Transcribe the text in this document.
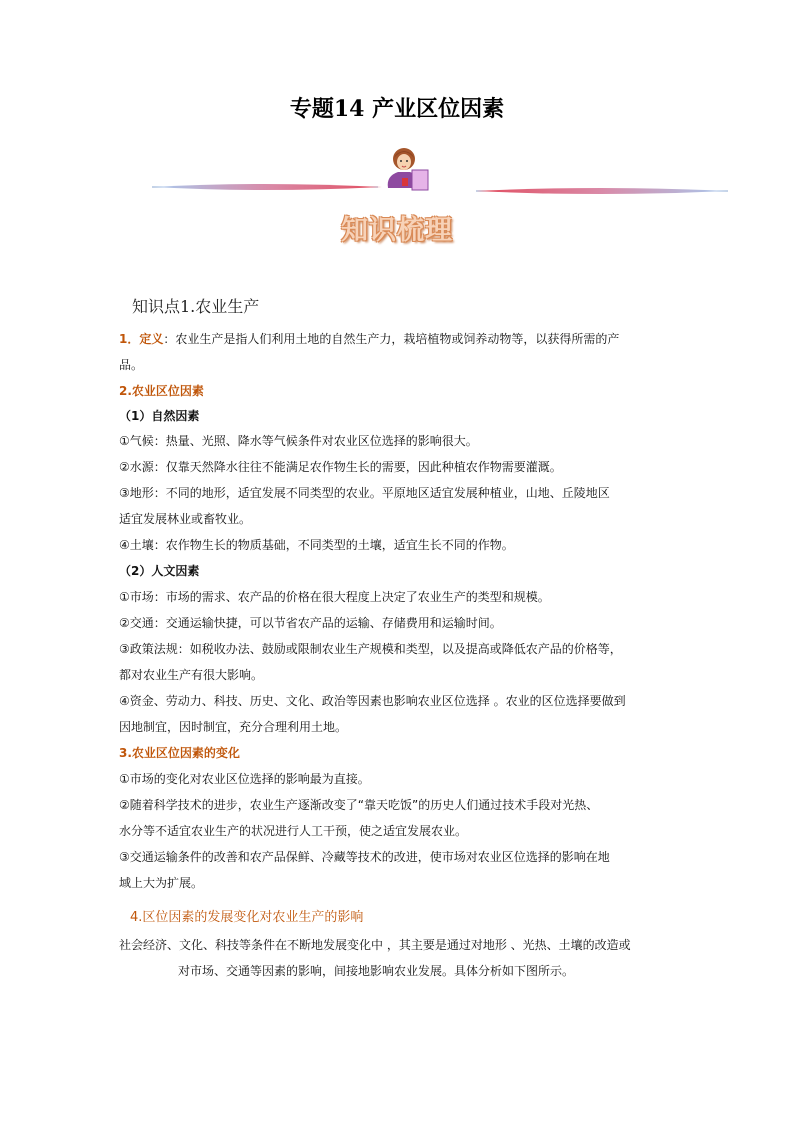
专题14 产业区位因素
知识梳理
知识点1.农业生产
1．定义：农业生产是指人们利用土地的自然生产力，栽培植物或饲养动物等，以获得所需的产
品。
2.农业区位因素
（1）自然因素
①气候：热量、光照、降水等气候条件对农业区位选择的影响很大。
②水源：仅靠天然降水往往不能满足农作物生长的需要，因此种植农作物需要灌溉。
③地形：不同的地形，适宜发展不同类型的农业。平原地区适宜发展种植业，山地、丘陵地区
适宜发展林业或畜牧业。
④土壤：农作物生长的物质基础，不同类型的土壤，适宜生长不同的作物。
（2）人文因素
①市场：市场的需求、农产品的价格在很大程度上决定了农业生产的类型和规模。
②交通：交通运输快捷，可以节省农产品的运输、存储费用和运输时间。
③政策法规：如税收办法、鼓励或限制农业生产规模和类型，以及提高或降低农产品的价格等，
都对农业生产有很大影响。
④资金、劳动力、科技、历史、文化、政治等因素也影响农业区位选择 。农业的区位选择要做到
因地制宜，因时制宜，充分合理利用土地。
3.农业区位因素的变化
①市场的变化对农业区位选择的影响最为直接。
②随着科学技术的进步，农业生产逐渐改变了“靠天吃饭”的历史人们通过技术手段对光热、
水分等不适宜农业生产的状况进行人工干预，使之适宜发展农业。
③交通运输条件的改善和农产品保鲜、冷藏等技术的改进，使市场对农业区位选择的影响在地
域上大为扩展。
4.区位因素的发展变化对农业生产的影响
社会经济、文化、科技等条件在不断地发展变化中 ，其主要是通过对地形 、光热、土壤的改造或
对市场、交通等因素的影响，间接地影响农业发展。具体分析如下图所示。
